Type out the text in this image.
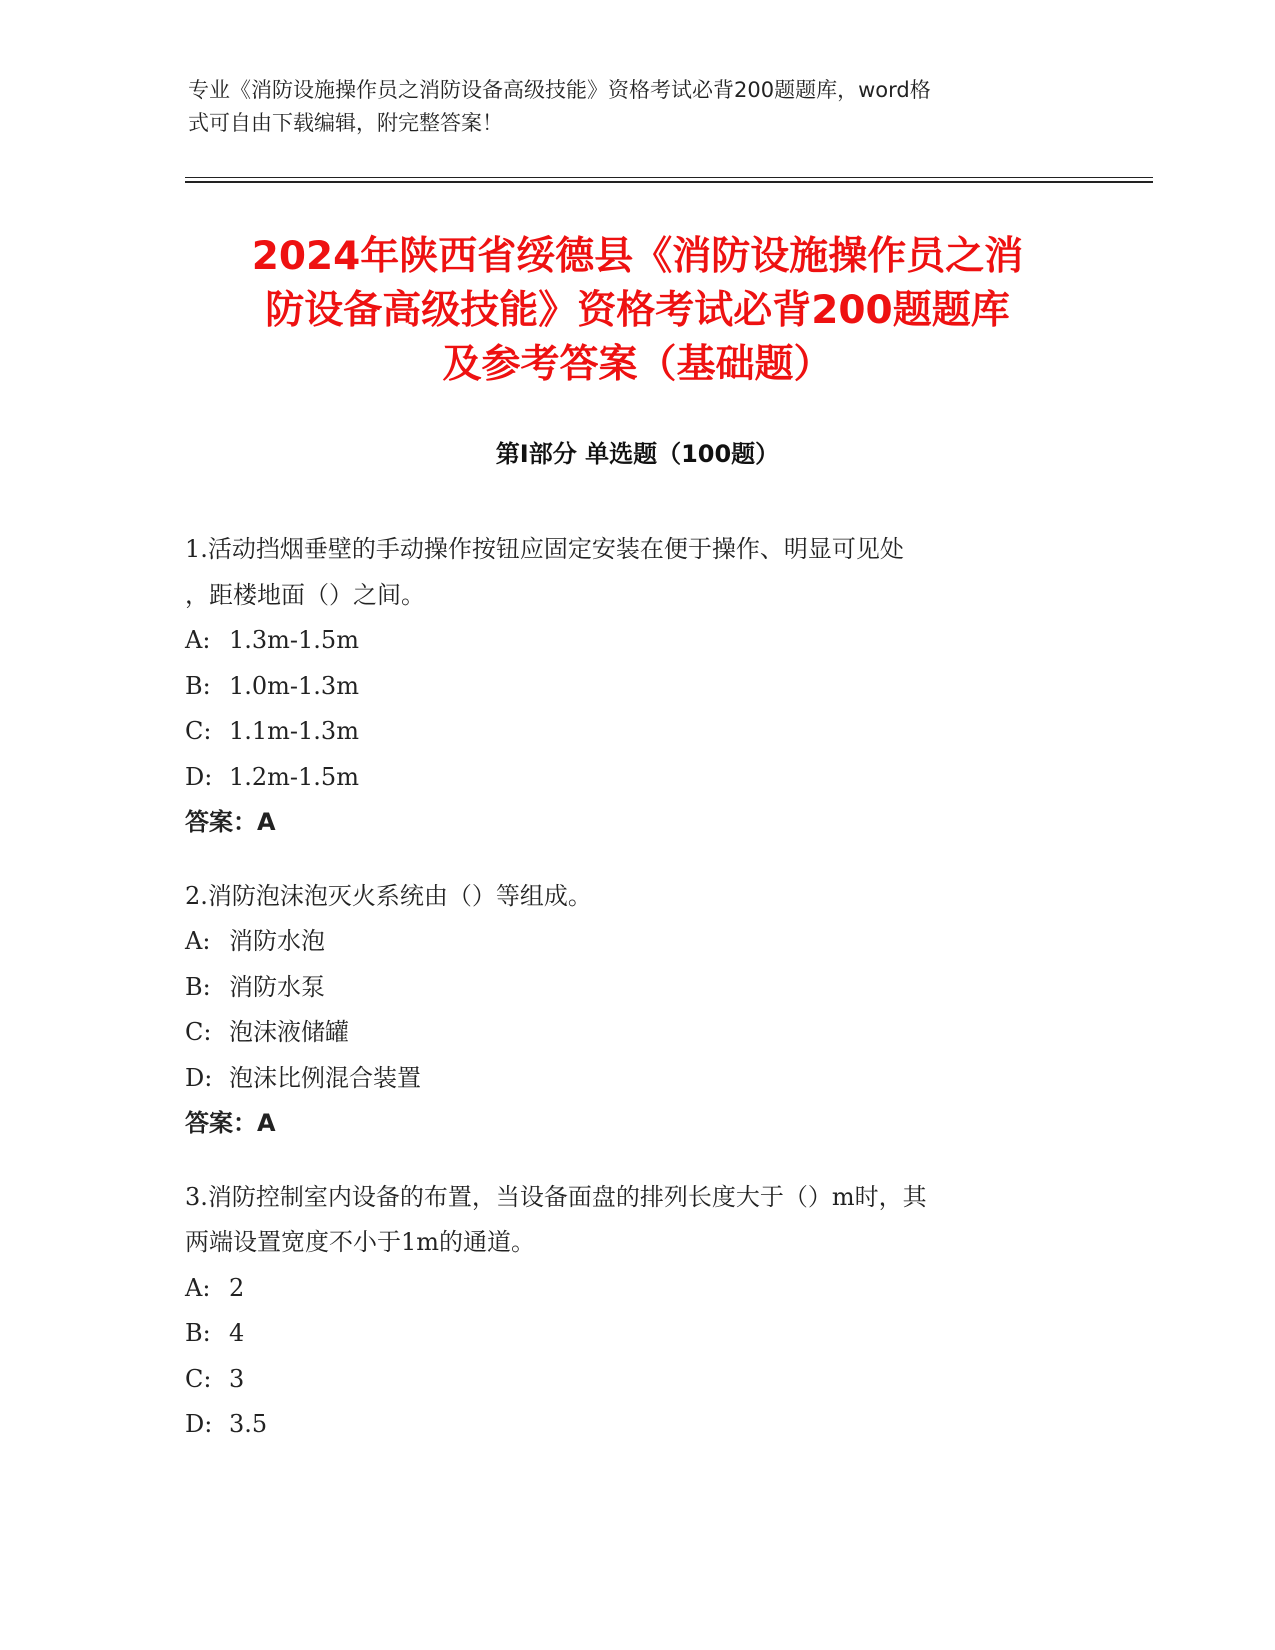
专业《消防设施操作员之消防设备高级技能》资格考试必背200题题库，word格
式可自由下载编辑，附完整答案！
2024年陕西省绥德县《消防设施操作员之消
防设备高级技能》资格考试必背200题题库
及参考答案（基础题）
第Ⅰ部分 单选题（100题）
1.活动挡烟垂壁的手动操作按钮应固定安装在便于操作、明显可见处
，距楼地面（）之间。
A: 1.3m-1.5m
B: 1.0m-1.3m
C: 1.1m-1.3m
D: 1.2m-1.5m
答案：A
2.消防泡沫泡灭火系统由（）等组成。
A: 消防水泡
B: 消防水泵
C: 泡沫液储罐
D: 泡沫比例混合装置
答案：A
3.消防控制室内设备的布置，当设备面盘的排列长度大于（）m时，其
两端设置宽度不小于1m的通道。
A: 2
B: 4
C: 3
D: 3.5
